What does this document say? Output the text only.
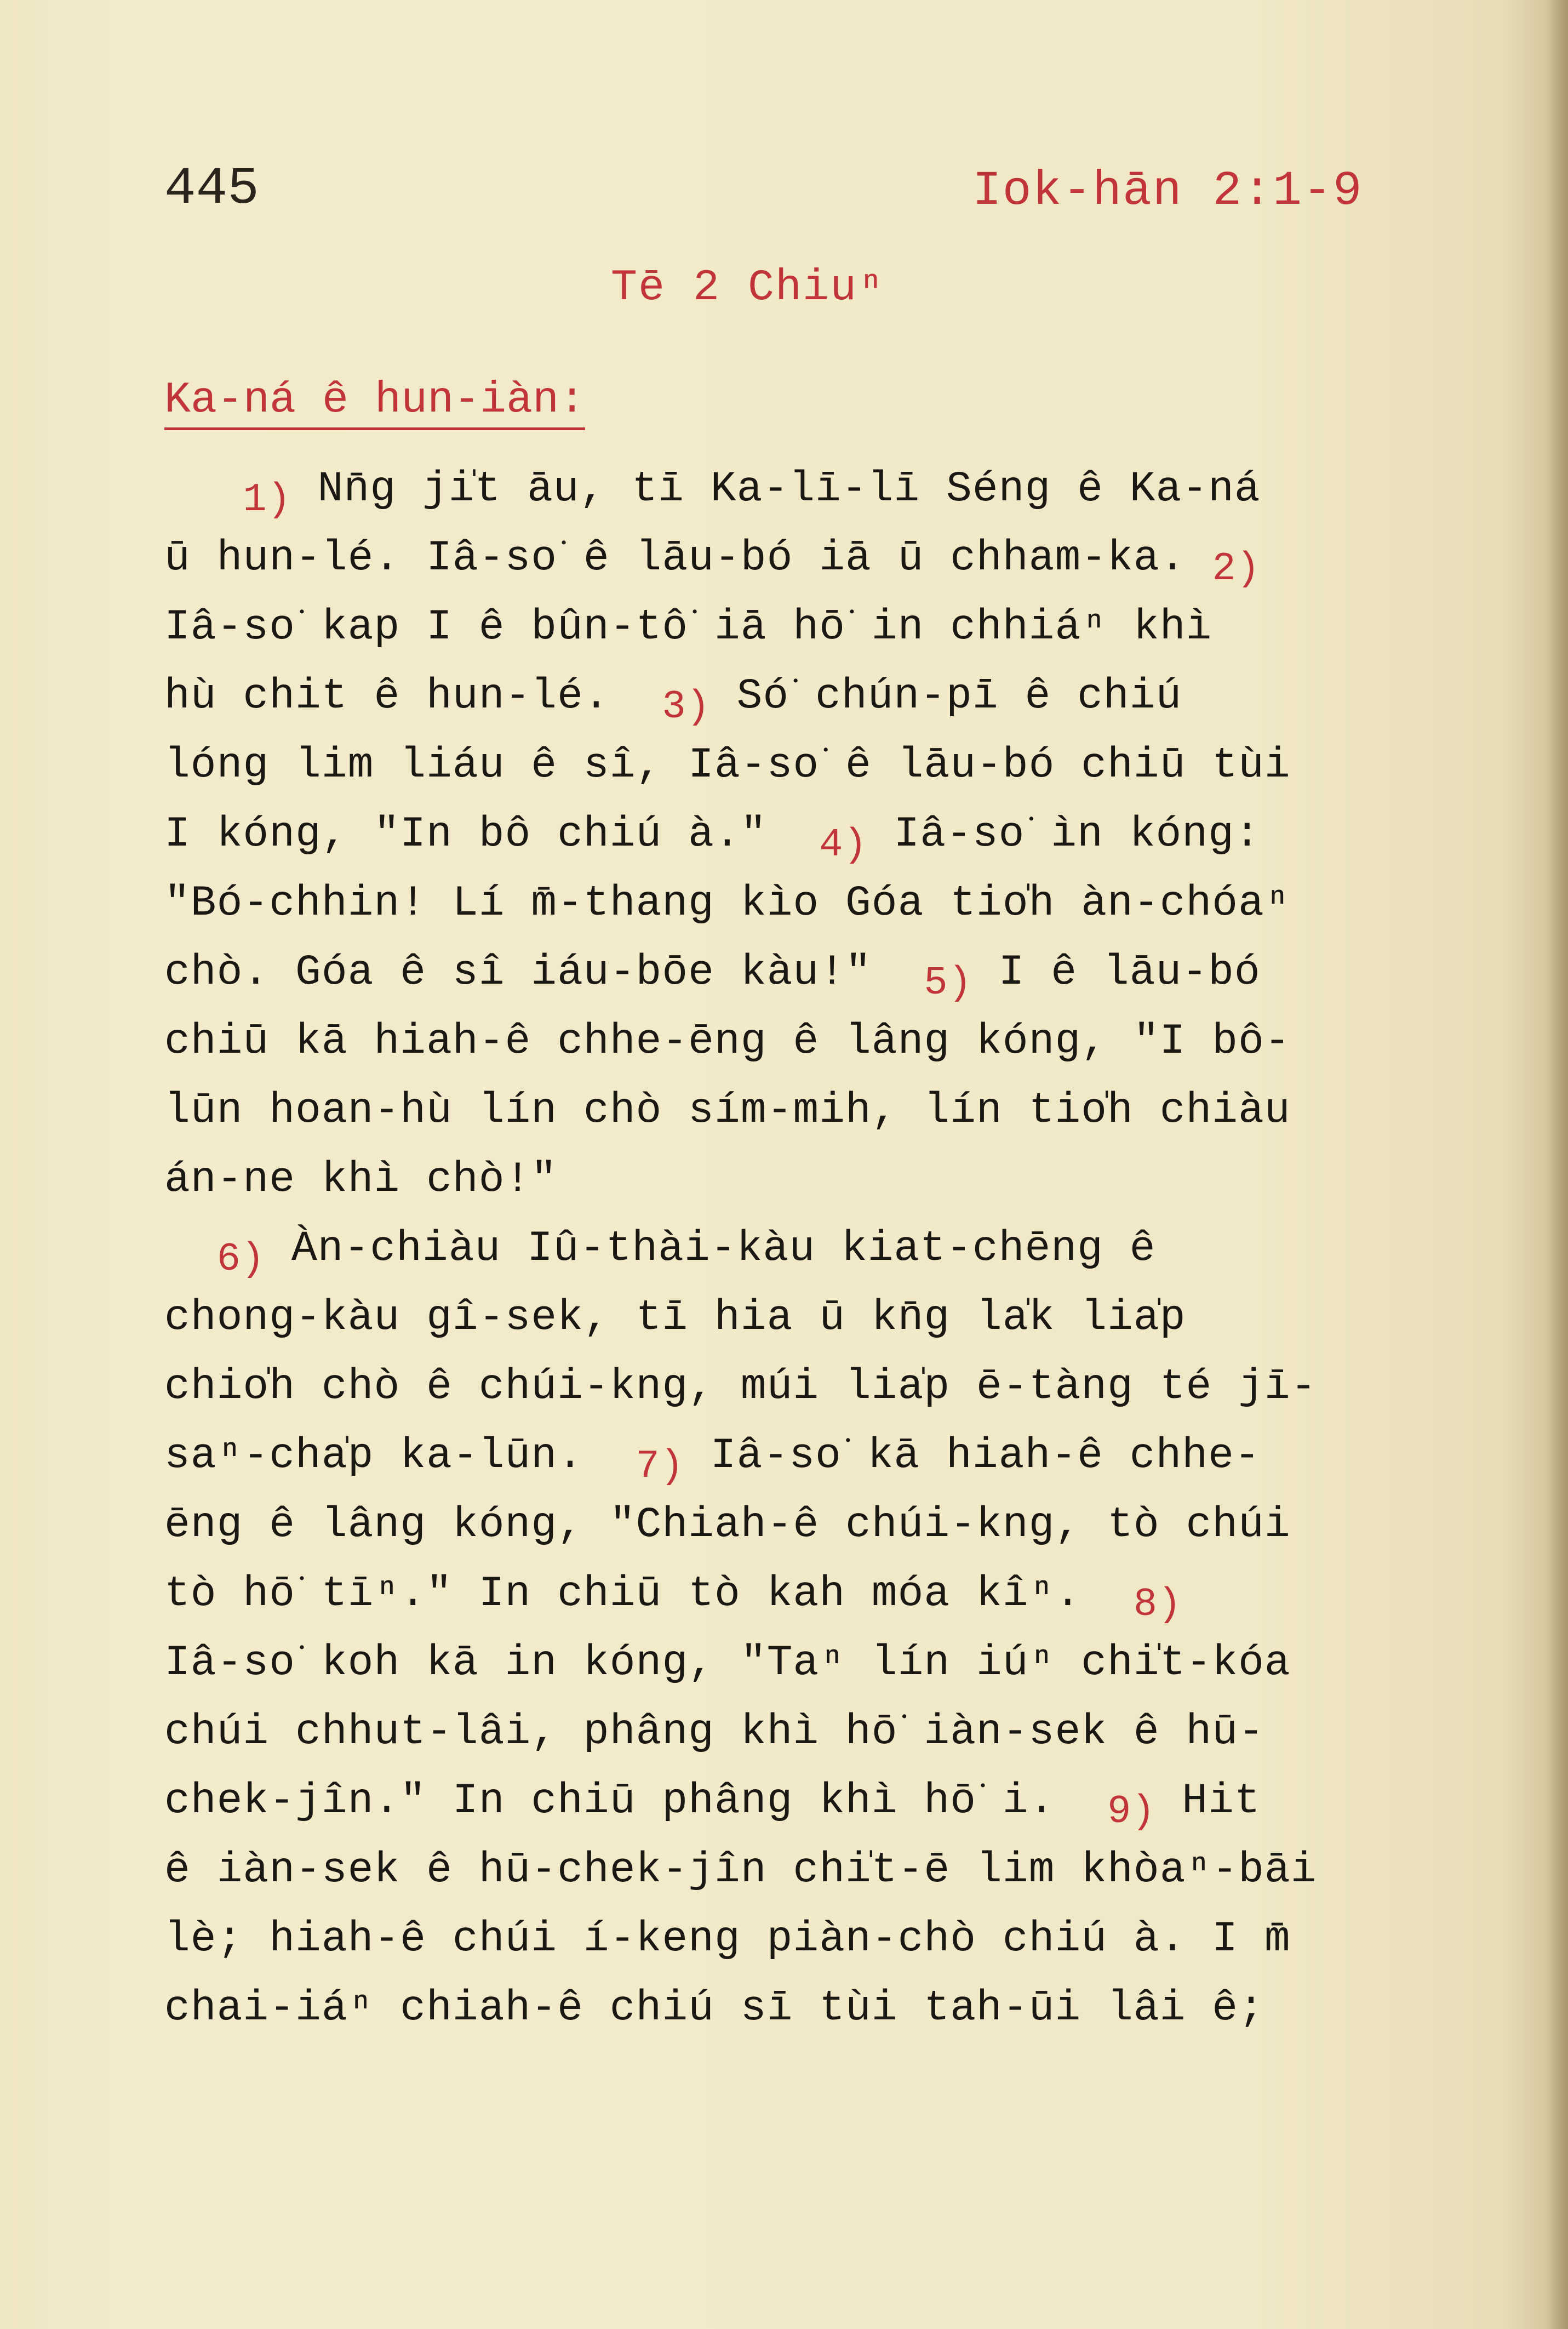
445	Iok-hān 2:1-9
Tē 2 Chiuⁿ
Ka-ná ê hun-iàn:
1) Nn̄g ji̍t āu, tī Ka-lī-lī Séng ê Ka-ná
ū hun-lé. Iâ-so͘ ê lāu-bó iā ū chham-ka. 2)
Iâ-so͘ kap I ê bûn-tô͘ iā hō͘ in chhiáⁿ khì
hù chit ê hun-lé.  3) Só͘ chún-pī ê chiú
lóng lim liáu ê sî, Iâ-so͘ ê lāu-bó chiū tùi
I kóng, "In bô chiú à."  4) Iâ-so͘ ìn kóng:
"Bó-chhin! Lí m̄-thang kìo Góa tio̍h àn-chóaⁿ
chò. Góa ê sî iáu-bōe kàu!"  5) I ê lāu-bó
chiū kā hiah-ê chhe-ēng ê lâng kóng, "I bô-
lūn hoan-hù lín chò sím-mih, lín tio̍h chiàu
án-ne khì chò!"
6) Àn-chiàu Iû-thài-kàu kiat-chēng ê
chong-kàu gî-sek, tī hia ū kn̄g la̍k lia̍p
chio̍h chò ê chúi-kng, múi lia̍p ē-tàng té jī-
saⁿ-cha̍p ka-lūn.  7) Iâ-so͘ kā hiah-ê chhe-
ēng ê lâng kóng, "Chiah-ê chúi-kng, tò chúi
tò hō͘ tīⁿ." In chiū tò kah móa kîⁿ.  8)
Iâ-so͘ koh kā in kóng, "Taⁿ lín iúⁿ chi̍t-kóa
chúi chhut-lâi, phâng khì hō͘ iàn-sek ê hū-
chek-jîn." In chiū phâng khì hō͘ i.  9) Hit
ê iàn-sek ê hū-chek-jîn chi̍t-ē lim khòaⁿ-bāi
lè; hiah-ê chúi í-keng piàn-chò chiú à. I m̄
chai-iáⁿ chiah-ê chiú sī tùi tah-ūi lâi ê;
